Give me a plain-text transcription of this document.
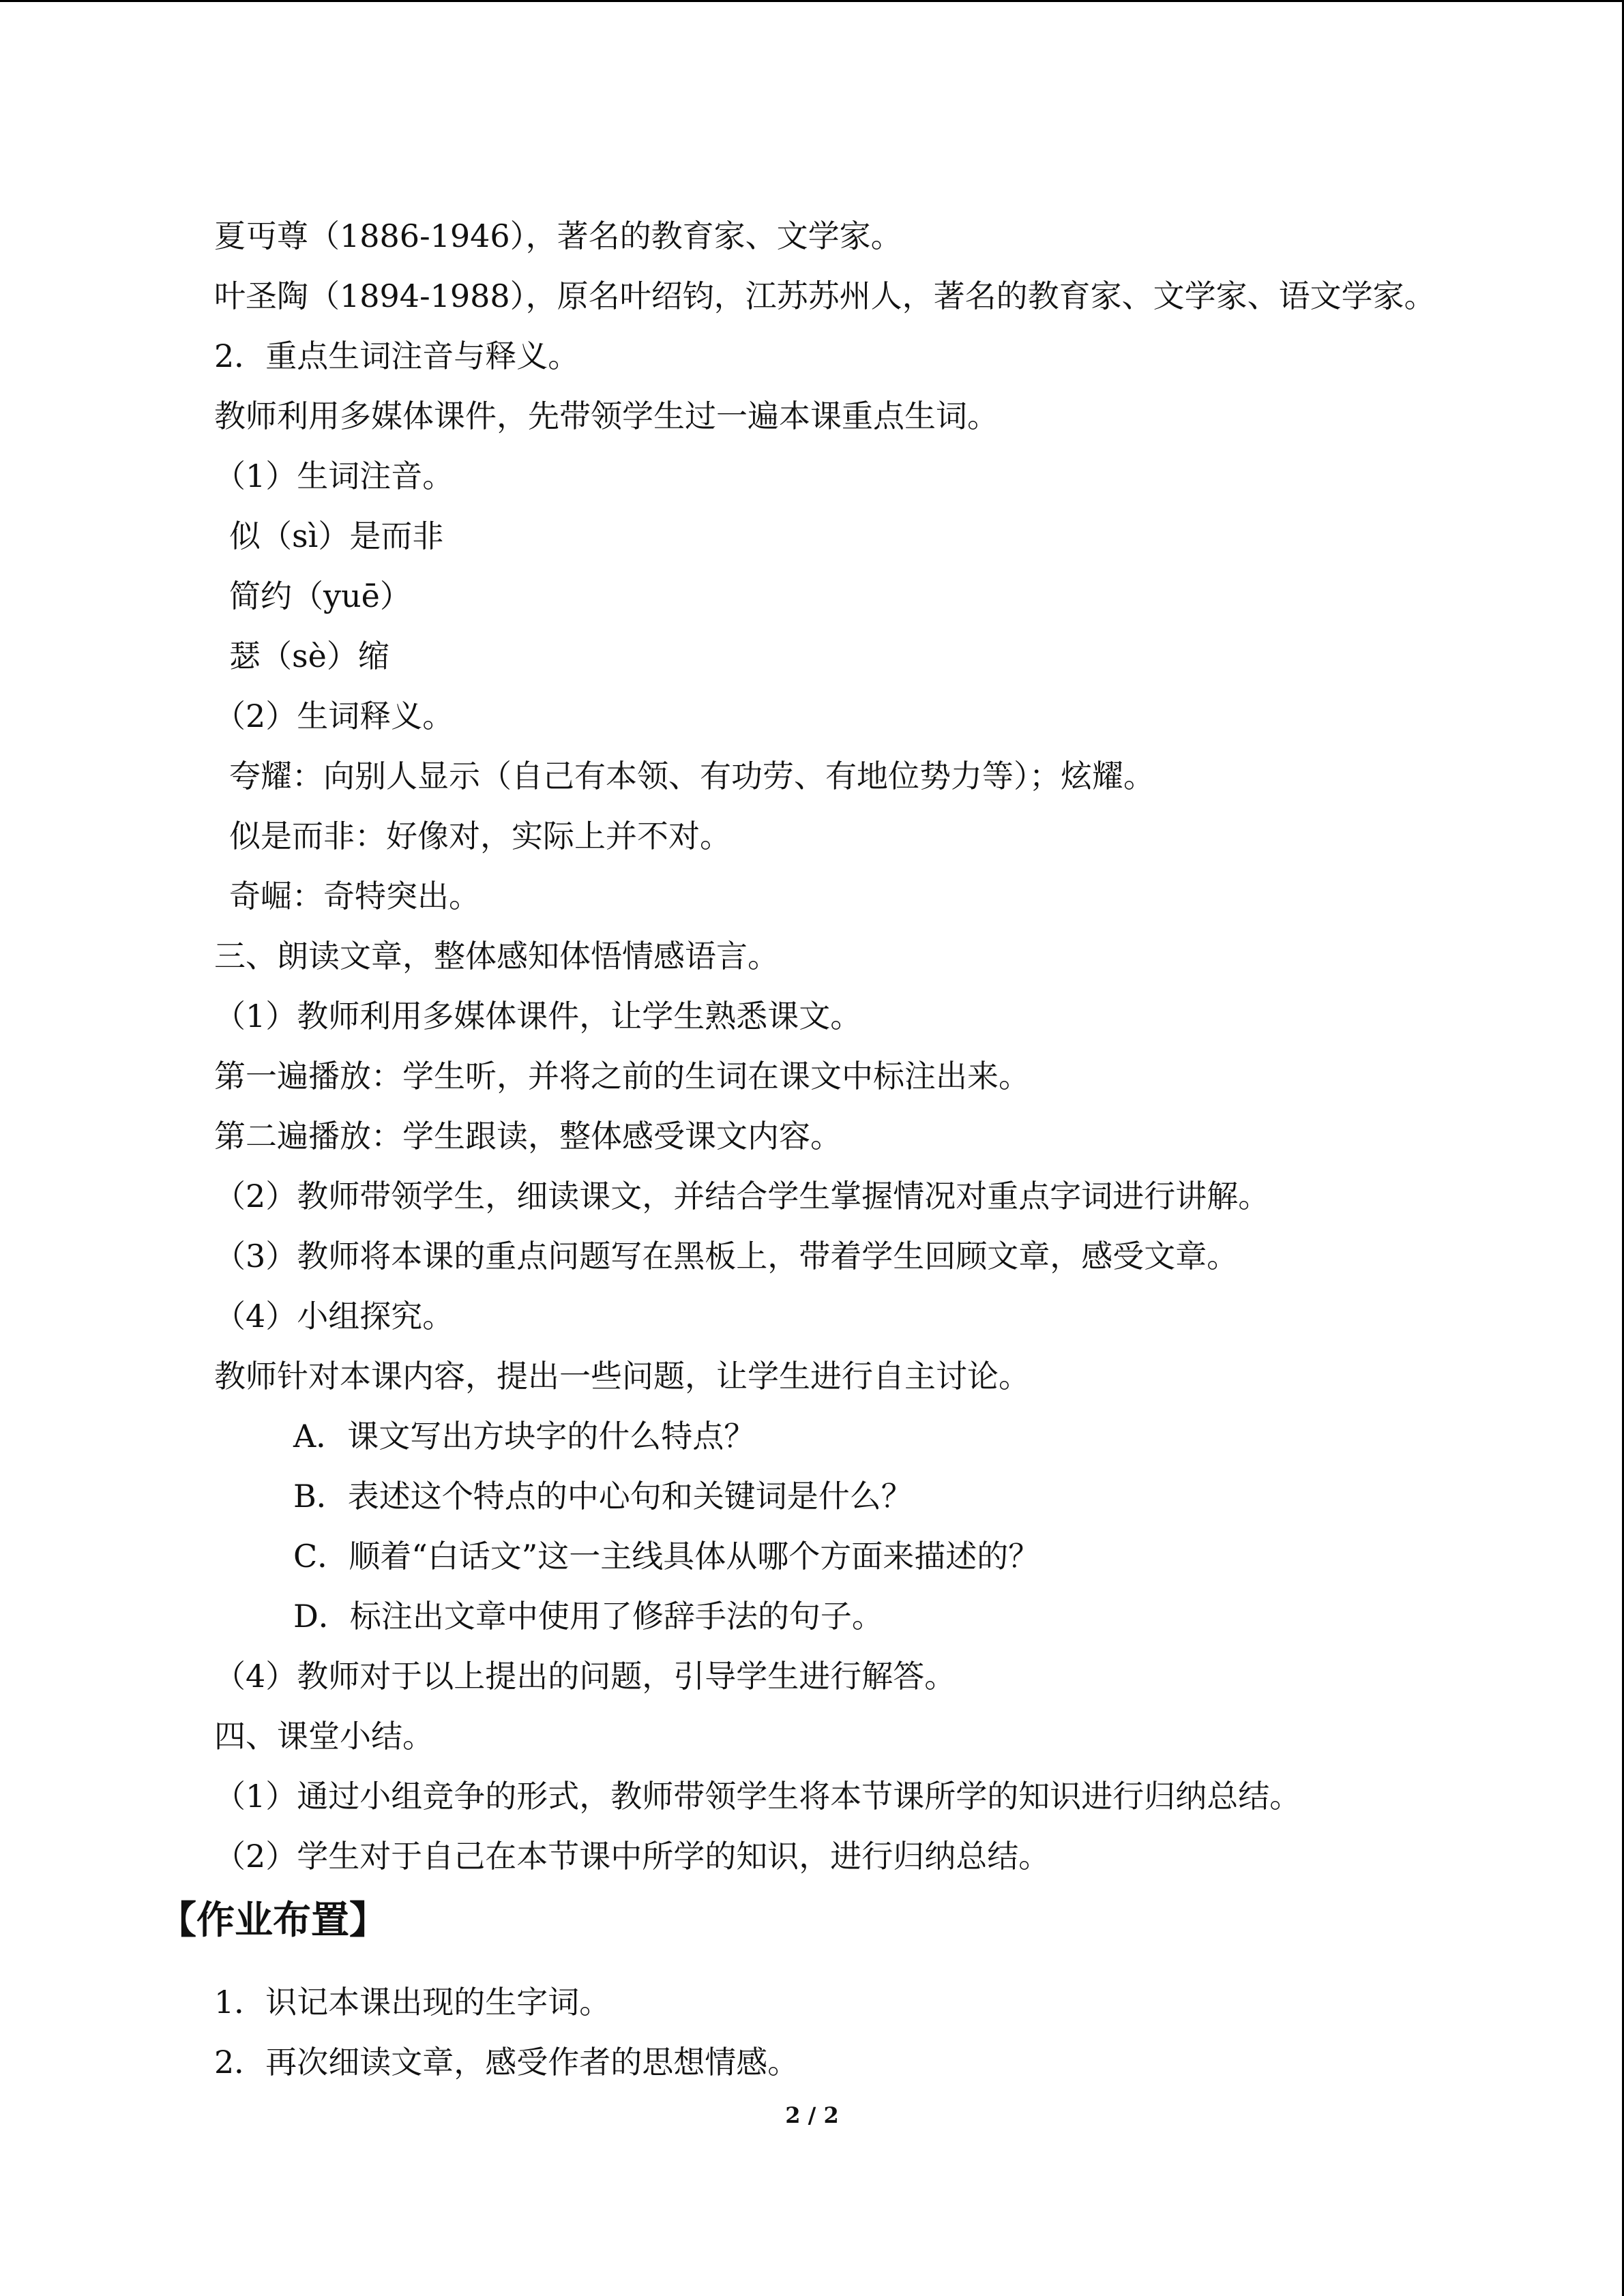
夏丏尊（1886-1946），著名的教育家、文学家。
叶圣陶（1894-1988），原名叶绍钧，江苏苏州人，著名的教育家、文学家、语文学家。
2．重点生词注音与释义。
教师利用多媒体课件，先带领学生过一遍本课重点生词。
（1）生词注音。
似（sì）是而非
简约（yuē）
瑟（sè）缩
（2）生词释义。
夸耀：向别人显示（自己有本领、有功劳、有地位势力等）；炫耀。
似是而非：好像对，实际上并不对。
奇崛：奇特突出。
三、朗读文章，整体感知体悟情感语言。
（1）教师利用多媒体课件，让学生熟悉课文。
第一遍播放：学生听，并将之前的生词在课文中标注出来。
第二遍播放：学生跟读，整体感受课文内容。
（2）教师带领学生，细读课文，并结合学生掌握情况对重点字词进行讲解。
（3）教师将本课的重点问题写在黑板上，带着学生回顾文章，感受文章。
（4）小组探究。
教师针对本课内容，提出一些问题，让学生进行自主讨论。
A．课文写出方块字的什么特点？
B．表述这个特点的中心句和关键词是什么？
C．顺着“白话文”这一主线具体从哪个方面来描述的？
D．标注出文章中使用了修辞手法的句子。
（4）教师对于以上提出的问题，引导学生进行解答。
四、课堂小结。
（1）通过小组竞争的形式，教师带领学生将本节课所学的知识进行归纳总结。
（2）学生对于自己在本节课中所学的知识，进行归纳总结。
【作业布置】
1．识记本课出现的生字词。
2．再次细读文章，感受作者的思想情感。
2 / 2
